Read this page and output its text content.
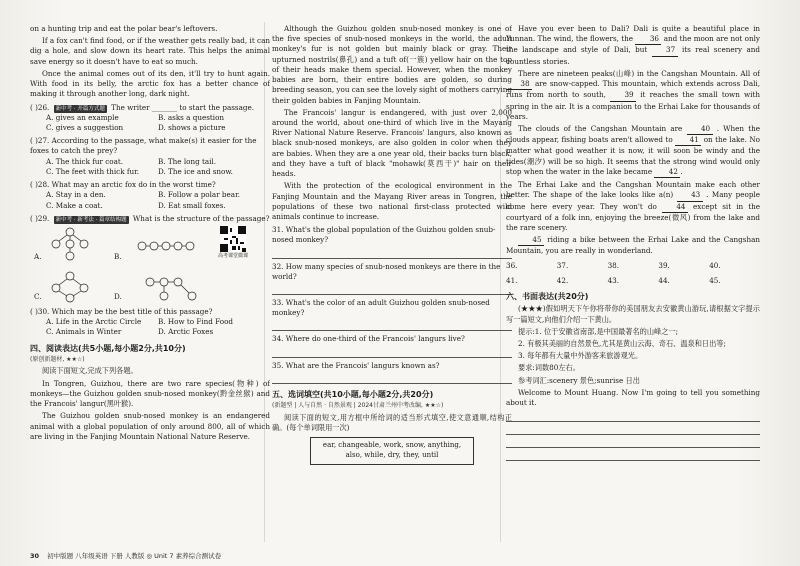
on a hunting trip and eat the polar bear's leftovers.

If a fox can't find food, or if the weather gets really bad, it can dig a hole, and slow down its heart rate. This helps the animal save energy so it doesn't have to eat so much.

Once the animal comes out of its den, it'll try to hunt again. With food in its belly, the arctic fox has a better chance of making it through another long, dark night.

( )26. 新中考 · 开篇方式题 The writer _______ to start the passage.
A. gives an example	B. asks a question
C. gives a suggestion	D. shows a picture
( )27. According to the passage, what make(s) it easier for the foxes to catch the prey?
A. The thick fur coat.	B. The long tail.
C. The feet with thick fur.	D. The ice and snow.
( )28. What may an arctic fox do in the worst time?
A. Stay in a den.	B. Follow a polar bear.
C. Make a coat.	D. Eat small foxes.
( )29. 新中考 · 新考法 · 篇章结构题 What is the structure of the passage?
A.	B.
C.	D.
高考课堂微课
( )30. Which may be the best title of this passage?
A. Life in the Arctic Circle	B. How to Find Food
C. Animals in Winter	D. Arctic Foxes
四、阅读表达(共5小题,每小题2分,共10分)
(原创新题材, ★★☆)

阅读下面短文,完成下列各题。

In Tongren, Guizhou, there are two rare species(物种) of monkeys—the Guizhou golden snub-nosed monkey(黔金丝猴) and the Francois' langur(黑叶猴).

The Guizhou golden snub-nosed monkey is an endangered animal with a global population of only around 800, all of which are living in the Fanjing Mountain National Nature Reserve.

Although the Guizhou golden snub-nosed monkey is one of the five species of snub-nosed monkeys in the world, the adult monkey's fur is not golden but mainly black or gray. Their upturned nostrils(鼻孔) and a tuft of(一簇) yellow hair on the top of their heads make them special. However, when the monkey babies are born, their entire bodies are golden, so during breeding season, you can see the lovely sight of mothers carrying their golden babies in Fanjing Mountain.

The Francois' langur is endangered, with just over 2,000 around the world, about one-third of which live in the Mayang River National Nature Reserve. Francois' langurs, also known as black snub-nosed monkeys, are also golden in color when they are babies. When they are a one year old, their backs turn black, and they have a tuft of black "mohawk(莫西干)" hair on their heads.

With the protection of the ecological environment in the Fanjing Mountain and the Mayang River areas in Tongren, the populations of these two national first-class protected wild animals continue to increase.

31. What's the global population of the Guizhou golden snub-nosed monkey?
32. How many species of snub-nosed monkeys are there in the world?
33. What's the color of an adult Guizhou golden snub-nosed monkey?
34. Where do one-third of the Francois' langurs live?
35. What are the Francois' langurs known as?
五、选词填空(共10小题,每小题2分,共20分)
(新题型 | 人与自然 · 自然景观 | 2024甘肃兰州中考改编, ★★☆)

阅读下面的短文,用方框中所给词的适当形式填空,使文意通顺,结构正确。(每个单词限用一次)

ear, changeable, work, snow, anything, also, while, dry, they, until

Have you ever been to Dali? Dali is quite a beautiful place in Yunnan. The wind, the flowers, the 36 and the moon are not only the landscape and style of Dali, but	37 its real scenery and countless stories.

There are nineteen peaks(山峰) in the Cangshan Mountain. All of 38 are snow-capped. This mountain, which extends across Dali, runs from north to south,	39 it reaches the small town with spring in the air. It is a companion to the Erhai Lake for thousands of years.

The clouds of the Cangshan Mountain are	40 . When the clouds appear, fishing boats aren't allowed to 41 on the lake. No matter what good weather it is now, it will soon be windy and the tides(潮汐) will be so high. It seems that the strong wind would only stop when the water in the lake became 42 .

The Erhai Lake and the Cangshan Mountain make each other better. The shape of the lake looks like a(n) 43 . Many people come here every year. They won't do	44 except sit in the courtyard of a folk inn, enjoying the breeze(微风) from the lake and the rare scenery.

45 riding a bike between the Erhai Lake and the Cangshan Mountain, you are really in wonderland.

36.	37.	38.	39.	40.
41.	42.	43.	44.	45.
六、书面表达(共20分)

(★★★)假如明天下午你将带你的美国朋友去安徽黄山游玩,请根据文字提示写一篇短文,向他们介绍一下黄山。

提示:1. 位于安徽省南部,是中国最著名的山峰之一;

2. 有极其美丽的自然景色,尤其是黄山云海、奇石、温泉和日出等;

3. 每年都有大量中外游客来旅游观光。

要求:词数80左右。

参考词汇:scenery 景色;sunrise 日出

Welcome to Mount Huang. Now I'm going to tell you something about it.

30 初中版题 八年级英语 下册 人教版 ◎ Unit 7 素养综合测试卷
